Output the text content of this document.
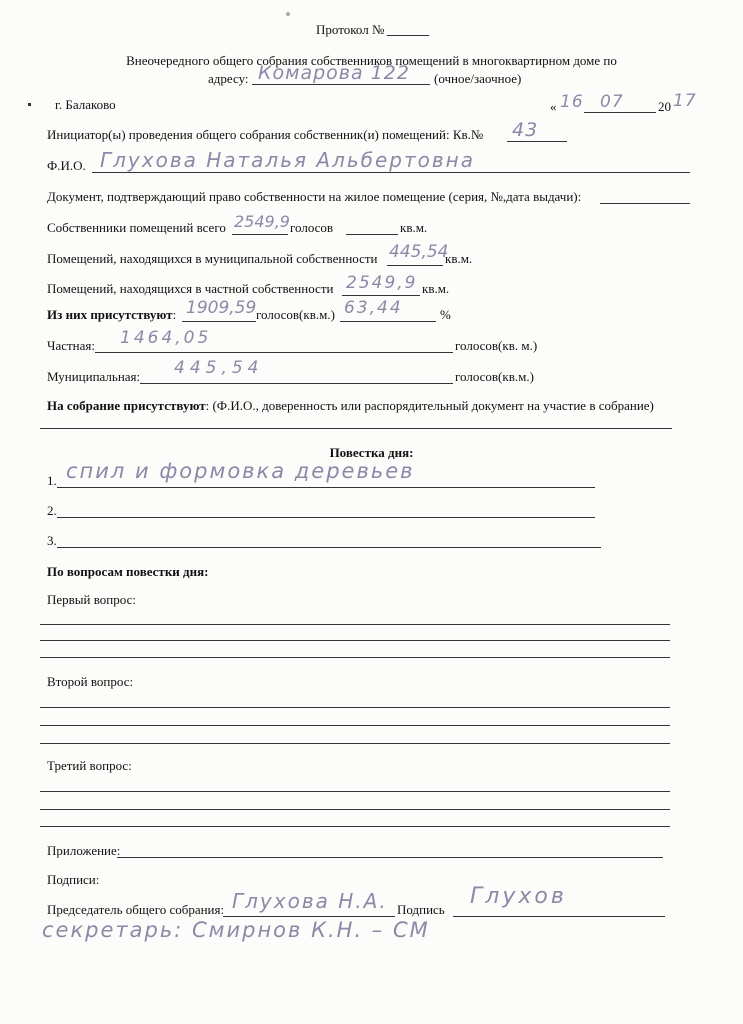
Протокол №
Внеочередного общего собрания собственников помещений в многоквартирном доме по
адресу: Комарова 122 (очное/заочное)
г. Балаково	« 16 07	20 17
Инициатор(ы) проведения общего собрания собственник(и) помещений: Кв.№ 43
Ф.И.О. Глухова Наталья Альбертовна
Документ, подтверждающий право собственности на жилое помещение (серия, №,дата выдачи):
Собственники помещений всего 2549,9 голосов	кв.м.
Помещений, находящихся в муниципальной собственности 445,54
кв.м.
Помещений, находящихся в частной собственности 2549,9 кв.м.
Из них присутствуют: 1909,59 голосов(кв.м.) 63,44	%
Частная: 1464,05	голосов(кв. м.)
Муниципальная: 445,54	голосов(кв.м.)
На собрание присутствуют: (Ф.И.О., доверенность или распорядительный документ на участие в собрание)
Повестка дня:
1. спил и формовка деревьев
2.
3.
По вопросам повестки дня:
Первый вопрос:
Второй вопрос:
Третий вопрос:
Приложение:
Подписи:
Председатель общего собрания: Глухова Н.А. Подпись
Глухов
секретарь: Смирнов К.Н. – СМ
